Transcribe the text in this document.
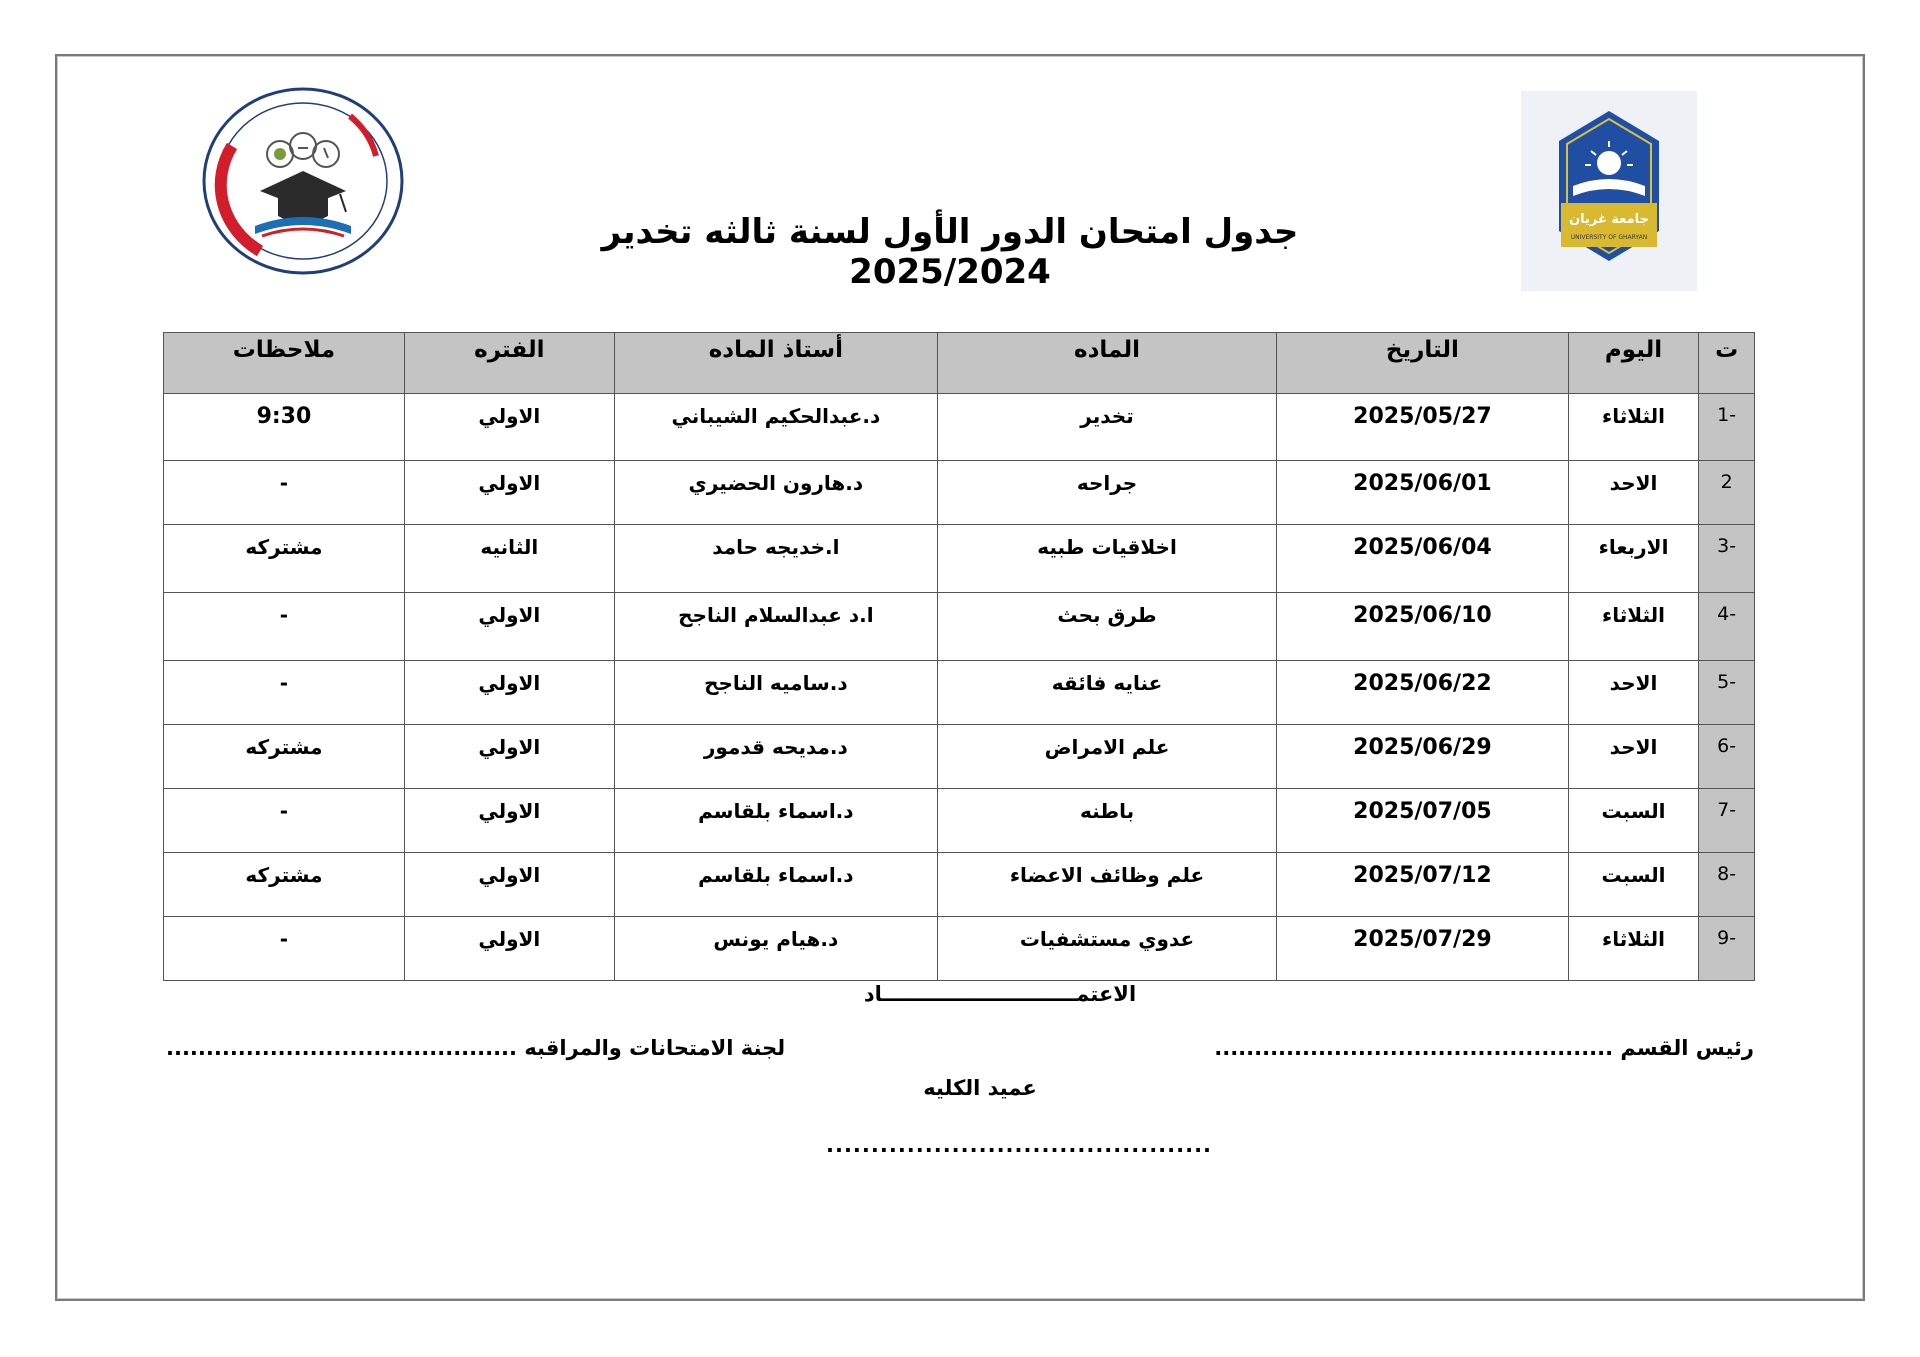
جامعة غريان
UNIVERSITY OF GHARYAN
جدول امتحان الدور الأول لسنة ثالثه تخدير 2025/2024
ت	اليوم	التاريخ	الماده	أستاذ الماده	الفتره	ملاحظات
-1	الثلاثاء	2025/05/27	تخدير	د.عبدالحكيم الشيباني	الاولي	9:30
2	الاحد	2025/06/01	جراحه	د.هارون الحضيري	الاولي	-
-3	الاربعاء	2025/06/04	اخلاقيات طبيه	ا.خديجه حامد	الثانيه	مشتركه
-4	الثلاثاء	2025/06/10	طرق بحث	ا.د عبدالسلام الناجح	الاولي	-
-5	الاحد	2025/06/22	عنايه فائقه	د.ساميه الناجح	الاولي	-
-6	الاحد	2025/06/29	علم الامراض	د.مديحه قدمور	الاولي	مشتركه
-7	السبت	2025/07/05	باطنه	د.اسماء بلقاسم	الاولي	-
-8	السبت	2025/07/12	علم وظائف الاعضاء	د.اسماء بلقاسم	الاولي	مشتركه
-9	الثلاثاء	2025/07/29	عدوي مستشفيات	د.هيام يونس	الاولي	-
الاعتمـــــــــــــــــــــــــــاد
رئيس القسم ..................................................
لجنة الامتحانات والمراقبه ............................................
عميد الكليه
...........................................
